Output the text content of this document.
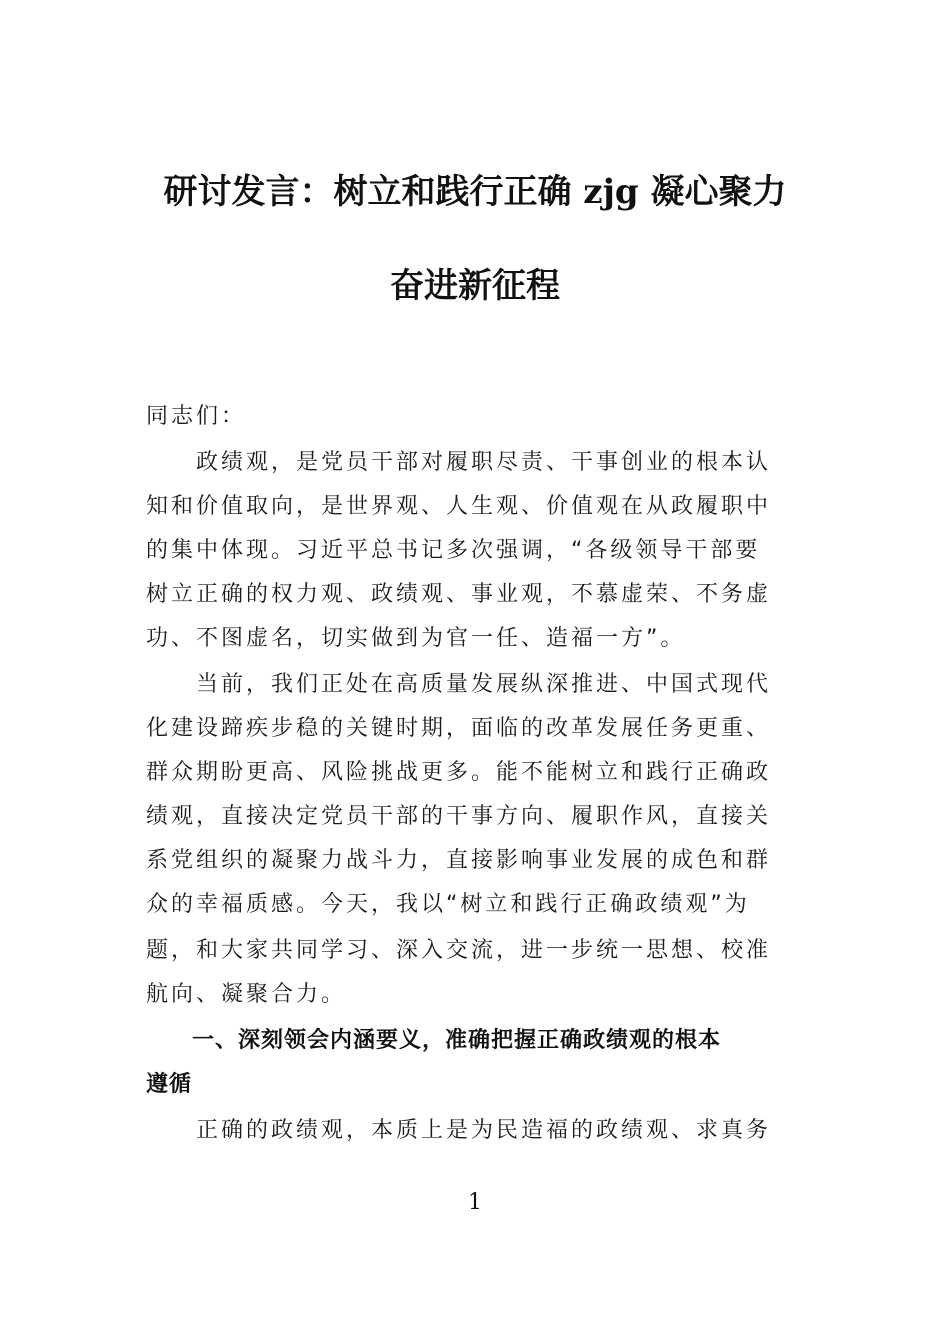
研讨发言：树立和践行正确 zjg 凝心聚力
奋进新征程
同志们：
　　政绩观，是党员干部对履职尽责、干事创业的根本认
知和价值取向，是世界观、人生观、价值观在从政履职中
的集中体现。习近平总书记多次强调，“各级领导干部要
树立正确的权力观、政绩观、事业观，不慕虚荣、不务虚
功、不图虚名，切实做到为官一任、造福一方”。
　　当前，我们正处在高质量发展纵深推进、中国式现代
化建设蹄疾步稳的关键时期，面临的改革发展任务更重、
群众期盼更高、风险挑战更多。能不能树立和践行正确政
绩观，直接决定党员干部的干事方向、履职作风，直接关
系党组织的凝聚力战斗力，直接影响事业发展的成色和群
众的幸福质感。今天，我以“树立和践行正确政绩观”为
题，和大家共同学习、深入交流，进一步统一思想、校准
航向、凝聚合力。
　　一、深刻领会内涵要义，准确把握正确政绩观的根本
遵循
　　正确的政绩观，本质上是为民造福的政绩观、求真务
1
